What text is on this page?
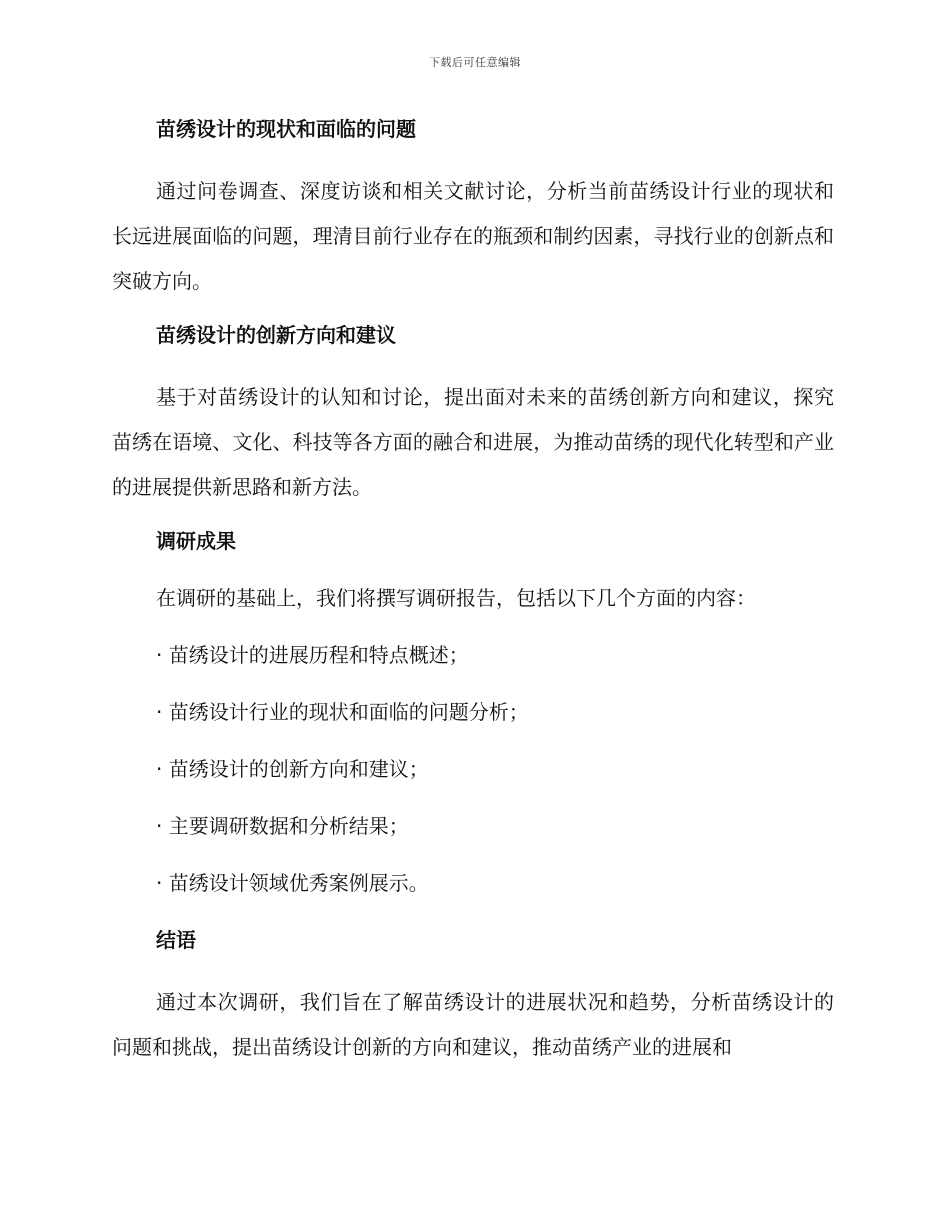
下载后可任意编辑
苗绣设计的现状和面临的问题

通过问卷调查、深度访谈和相关文献讨论，分析当前苗绣设计行业的现状和长远进展面临的问题，理清目前行业存在的瓶颈和制约因素，寻找行业的创新点和突破方向。

苗绣设计的创新方向和建议

基于对苗绣设计的认知和讨论，提出面对未来的苗绣创新方向和建议，探究苗绣在语境、文化、科技等各方面的融合和进展，为推动苗绣的现代化转型和产业的进展提供新思路和新方法。

调研成果
在调研的基础上，我们将撰写调研报告，包括以下几个方面的内容：
· 苗绣设计的进展历程和特点概述；
· 苗绣设计行业的现状和面临的问题分析；
· 苗绣设计的创新方向和建议；
· 主要调研数据和分析结果；
· 苗绣设计领域优秀案例展示。
结语

通过本次调研，我们旨在了解苗绣设计的进展状况和趋势，分析苗绣设计的问题和挑战，提出苗绣设计创新的方向和建议，推动苗绣产业的进展和
